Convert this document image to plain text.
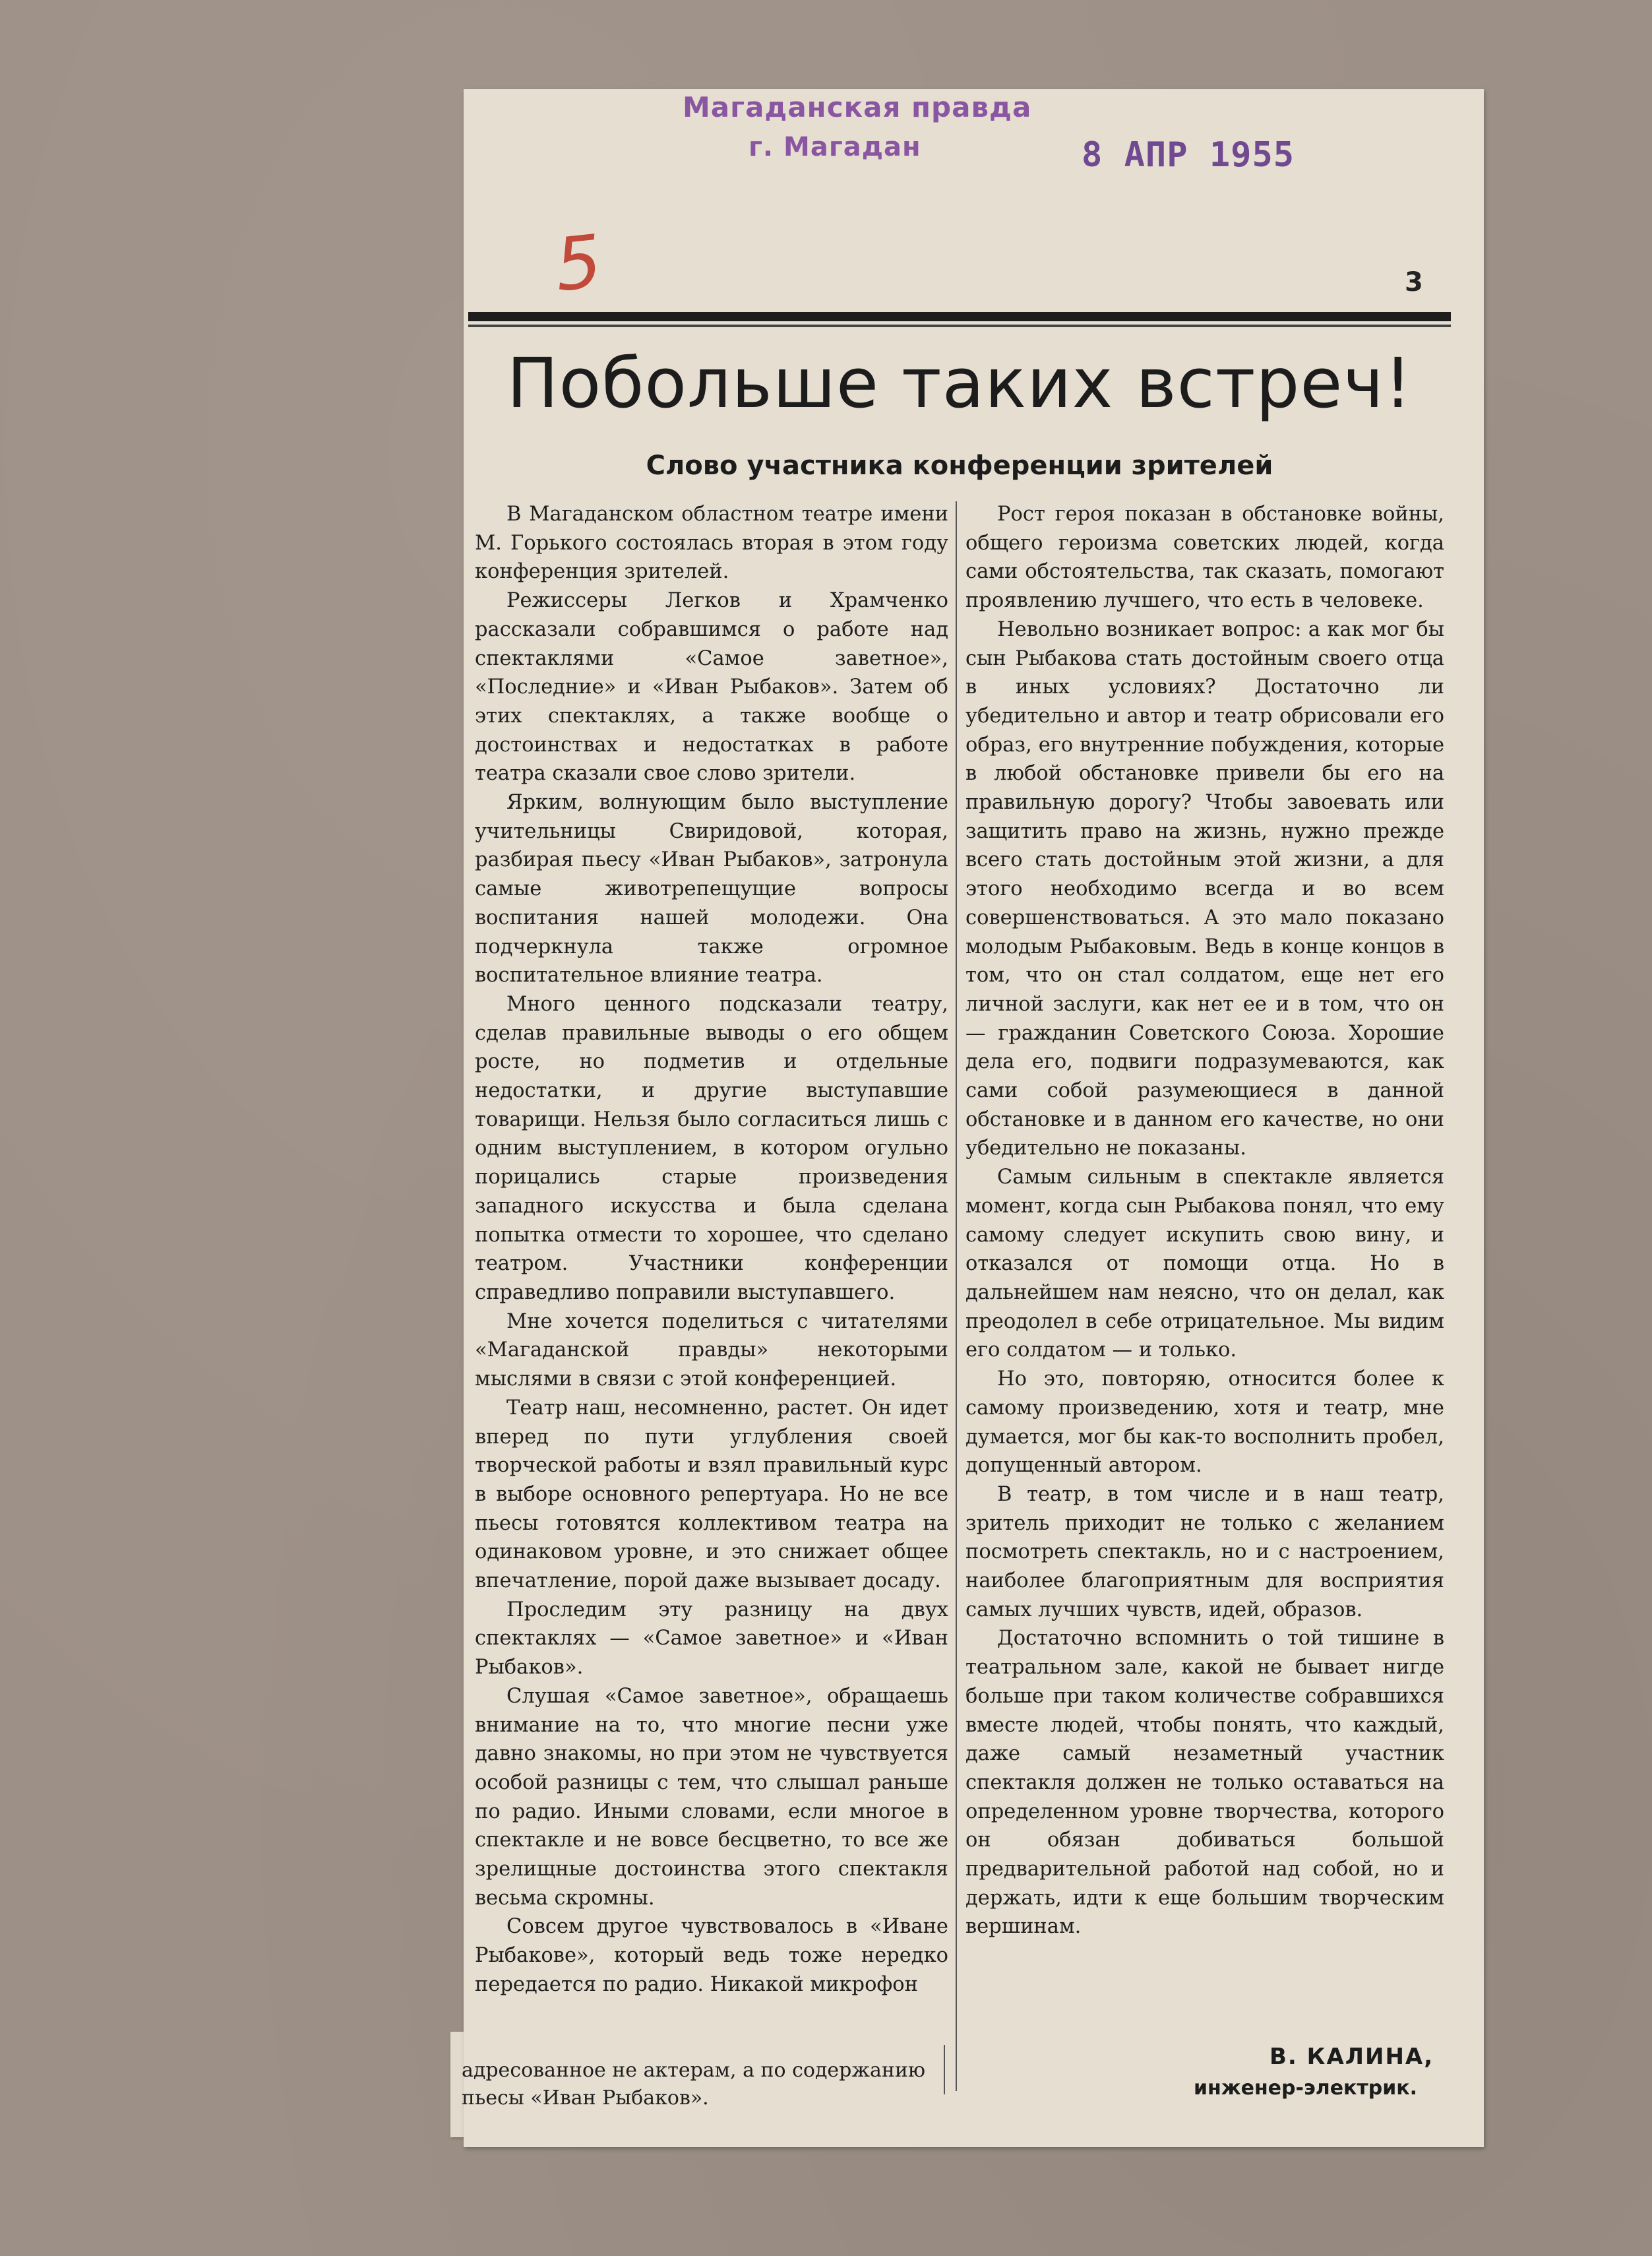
Магаданская правда
г. Магадан	8 АПР 1955
5	3
Побольше таких встреч!
Слово участника конференции зрителей

В Магаданском областном театре имени М. Горького состоялась вторая в этом году конференция зрителей.

Режиссеры Легков и Храмченко рассказали собравшимся о работе над спектаклями «Самое заветное», «Последние» и «Иван Рыбаков». Затем об этих спектаклях, а также вообще о достоинствах и недостатках в работе театра сказали свое слово зрители.

Ярким, волнующим было выступление учительницы Свиридовой, которая, разбирая пьесу «Иван Рыбаков», затронула самые животрепещущие вопросы воспитания нашей молодежи. Она подчеркнула также огромное воспитательное влияние театра.

Много ценного подсказали театру, сделав правильные выводы о его общем росте, но подметив и отдельные недостатки, и другие выступавшие товарищи. Нельзя было согласиться лишь с одним выступлением, в котором огульно порицались старые произведения западного искусства и была сделана попытка отмести то хорошее, что сделано театром. Участники конференции справедливо поправили выступавшего.

Мне хочется поделиться с читателями «Магаданской правды» некоторыми мыслями в связи с этой конференцией.

Театр наш, несомненно, растет. Он идет вперед по пути углубления своей творческой работы и взял правильный курс в выборе основного репертуара. Но не все пьесы готовятся коллективом театра на одинаковом уровне, и это снижает общее впечатление, порой даже вызывает досаду.

Проследим эту разницу на двух спектаклях — «Самое заветное» и «Иван Рыбаков».

Слушая «Самое заветное», обращаешь внимание на то, что многие песни уже давно знакомы, но при этом не чувствуется особой разницы с тем, что слышал раньше по радио. Иными словами, если многое в спектакле и не вовсе бесцветно, то все же зрелищные достоинства этого спектакля весьма скромны.

Совсем другое чувствовалось в «Иване Рыбакове», который ведь тоже нередко передается по радио. Никакой микрофон

Рост героя показан в обстановке войны, общего героизма советских людей, когда сами обстоятельства, так сказать, помогают проявлению лучшего, что есть в человеке.

Невольно возникает вопрос: а как мог бы сын Рыбакова стать достойным своего отца в иных условиях? Достаточно ли убедительно и автор и театр обрисовали его образ, его внутренние побуждения, которые в любой обстановке привели бы его на правильную дорогу? Чтобы завоевать или защитить право на жизнь, нужно прежде всего стать достойным этой жизни, а для этого необходимо всегда и во всем совершенствоваться. А это мало показано молодым Рыбаковым. Ведь в конце концов в том, что он стал солдатом, еще нет его личной заслуги, как нет ее и в том, что он — гражданин Советского Союза. Хорошие дела его, подвиги подразумеваются, как сами собой разумеющиеся в данной обстановке и в данном его качестве, но они убедительно не показаны.

Самым сильным в спектакле является момент, когда сын Рыбакова понял, что ему самому следует искупить свою вину, и отказался от помощи отца. Но в дальнейшем нам неясно, что он делал, как преодолел в себе отрицательное. Мы видим его солдатом — и только.

Но это, повторяю, относится более к самому произведению, хотя и театр, мне думается, мог бы как-то восполнить пробел, допущенный автором.

В театр, в том числе и в наш театр, зритель приходит не только с желанием посмотреть спектакль, но и с настроением, наиболее благоприятным для восприятия самых лучших чувств, идей, образов.

Достаточно вспомнить о той тишине в театральном зале, какой не бывает нигде больше при таком количестве собравшихся вместе людей, чтобы понять, что каждый, даже самый незаметный участник спектакля должен не только оставаться на определенном уровне творчества, которого он обязан добиваться большой предварительной работой над собой, но и держать, идти к еще большим творческим вершинам.

адресованное не актерам, а по содержанию пьесы «Иван Рыбаков».
В. КАЛИНА,
инженер-электрик.
